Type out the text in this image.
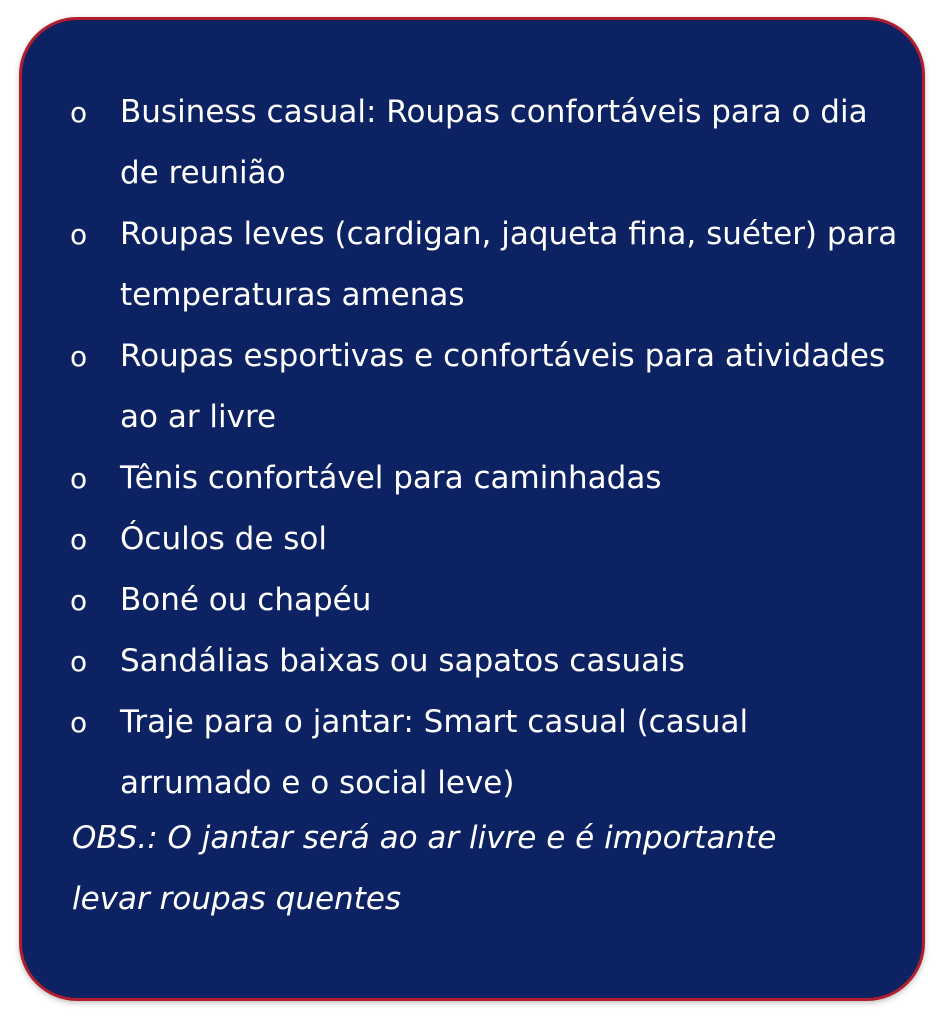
o Business casual: Roupas confortáveis para o dia de reunião
o Roupas leves (cardigan, jaqueta fina, suéter) para temperaturas amenas
o Roupas esportivas e confortáveis para atividades ao ar livre
o Tênis confortável para caminhadas
o Óculos de sol
o Boné ou chapéu
o Sandálias baixas ou sapatos casuais
o Traje para o jantar: Smart casual (casual arrumado e o social leve)
OBS.: O jantar será ao ar livre e é importante levar roupas quentes
